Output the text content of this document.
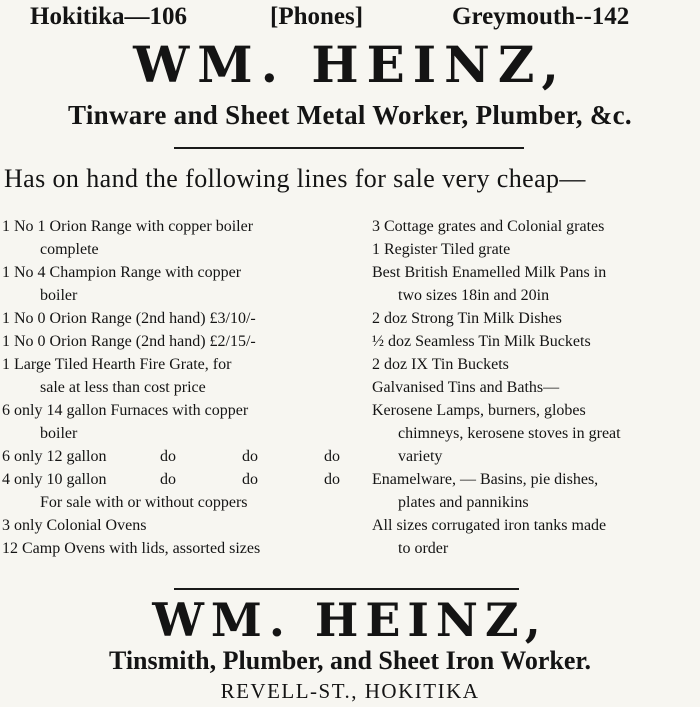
Hokitika—106	[Phones]	Greymouth--142
WM. HEINZ,
Tinware and Sheet Metal Worker, Plumber, &c.
Has on hand the following lines for sale very cheap—
1 No 1 Orion Range with copper boiler
complete
1 No 4 Champion Range with copper
boiler
1 No 0 Orion Range (2nd hand) £3/10/-
1 No 0 Orion Range (2nd hand) £2/15/-
1 Large Tiled Hearth Fire Grate, for
sale at less than cost price
6 only 14 gallon Furnaces with copper
boiler
6 only 12 gallon	do	do	do
4 only 10 gallon	do	do	do
For sale with or without coppers
3 only Colonial Ovens
12 Camp Ovens with lids, assorted sizes
3 Cottage grates and Colonial grates
1 Register Tiled grate
Best British Enamelled Milk Pans in
two sizes 18in and 20in
2 doz Strong Tin Milk Dishes
½ doz Seamless Tin Milk Buckets
2 doz IX Tin Buckets
Galvanised Tins and Baths—
Kerosene Lamps, burners, globes
chimneys, kerosene stoves in great
variety
Enamelware, — Basins, pie dishes,
plates and pannikins
All sizes corrugated iron tanks made
to order
WM. HEINZ,
Tinsmith, Plumber, and Sheet Iron Worker.
REVELL-ST., HOKITIKA
